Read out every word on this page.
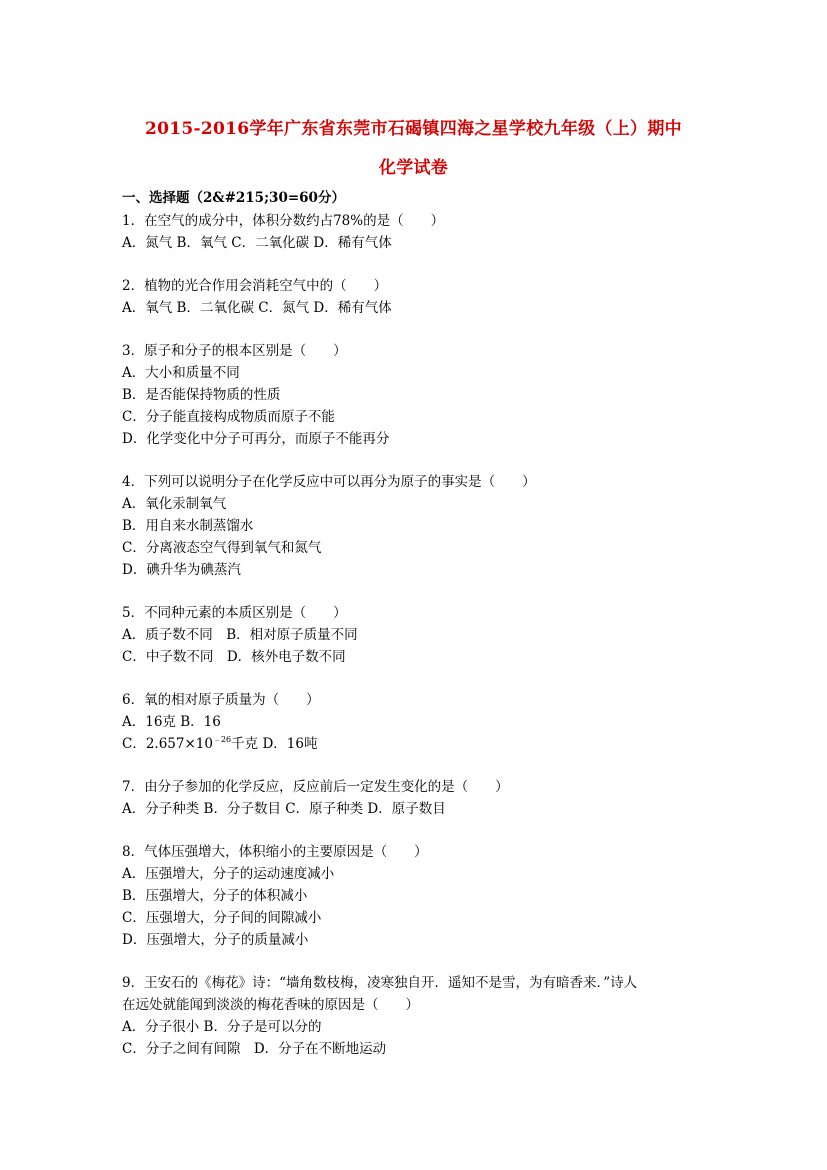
2015-2016学年广东省东莞市石碣镇四海之星学校九年级（上）期中
化学试卷
一、选择题（2&#215;30=60分）
1．在空气的成分中，体积分数约占78%的是（　　）
A．氮气 B．氧气 C．二氧化碳 D．稀有气体
2．植物的光合作用会消耗空气中的（　　）
A．氧气 B．二氧化碳 C．氮气 D．稀有气体
3．原子和分子的根本区别是（　　）
A．大小和质量不同
B．是否能保持物质的性质
C．分子能直接构成物质而原子不能
D．化学变化中分子可再分，而原子不能再分
4．下列可以说明分子在化学反应中可以再分为原子的事实是（　　）
A．氧化汞制氧气
B．用自来水制蒸馏水
C．分离液态空气得到氧气和氮气
D．碘升华为碘蒸汽
5．不同种元素的本质区别是（　　）
A．质子数不同　B．相对原子质量不同
C．中子数不同　D．核外电子数不同
6．氧的相对原子质量为（　　）
A．16克 B．16
C．$2.657\times 10^{﹣26}$千克 D．16吨
7．由分子参加的化学反应，反应前后一定发生变化的是（　　）
A．分子种类 B．分子数目 C．原子种类 D．原子数目
8．气体压强增大，体积缩小的主要原因是（　　）
A．压强增大，分子的运动速度减小
B．压强增大，分子的体积减小
C．压强增大，分子间的间隙减小
D．压强增大，分子的质量减小
9．王安石的《梅花》诗：“墙角数枝梅，凌寒独自开．遥知不是雪，为有暗香来．”诗人
在远处就能闻到淡淡的梅花香味的原因是（　　）
A．分子很小 B．分子是可以分的
C．分子之间有间隙　D．分子在不断地运动
